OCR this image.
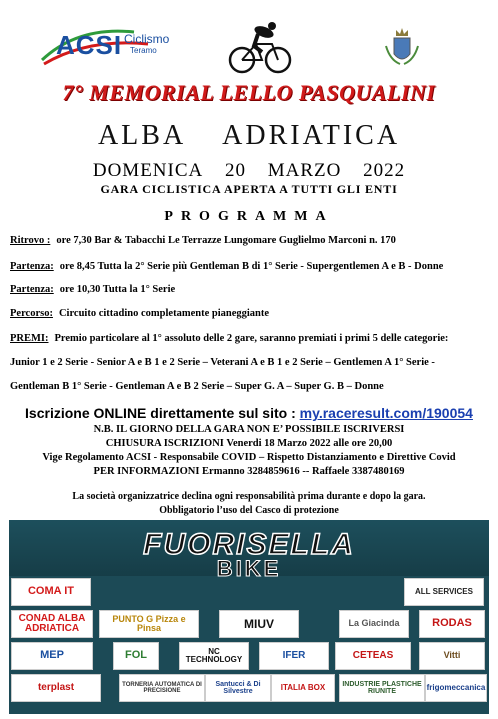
ACSI Ciclismo
Teramo
7° MEMORIAL LELLO PASQUALINI
ALBA ADRIATICA
DOMENICA 20 MARZO 2022
GARA CICLISTICA APERTA A TUTTI GLI ENTI
PROGRAMMA
Ritrovo : ore 7,30 Bar & Tabacchi Le Terrazze Lungomare Guglielmo Marconi n. 170
Partenza: ore 8,45 Tutta la 2° Serie più Gentleman B di 1° Serie - Supergentlemen A e B - Donne
Partenza: ore 10,30 Tutta la 1° Serie
Percorso: Circuito cittadino completamente pianeggiante
PREMI: Premio particolare al 1° assoluto delle 2 gare, saranno premiati i primi 5 delle categorie:
Junior 1 e 2 Serie - Senior A e B 1 e 2 Serie – Veterani A e B 1 e 2 Serie – Gentlemen A 1° Serie -
Gentleman B 1° Serie - Gentleman A e B 2 Serie – Super G. A – Super G. B – Donne
Iscrizione ONLINE direttamente sul sito : my.raceresult.com/190054
N.B. IL GIORNO DELLA GARA NON E’ POSSIBILE ISCRIVERSI
CHIUSURA ISCRIZIONI Venerdi 18 Marzo 2022 alle ore 20,00
Vige Regolamento ACSI - Responsabile COVID – Rispetto Distanziamento e Direttive Covid
PER INFORMAZIONI Ermanno 3284859616 -- Raffaele 3387480169
La società organizzatrice declina ogni responsabilità prima durante e dopo la gara.
Obbligatorio l’uso del Casco di protezione
FUORISELLA
BIKE
COMA IT	ALL SERVICES
CONAD ALBA ADRIATICA
PUNTO G Pizza e Pinsa	MIUV	La Giacinda	RODAS
MEP	FOL	NC TECHNOLOGY	IFER	CETEAS	Vitti
terplast	TORNERIA AUTOMATICA DI PRECISIONE
Santucci & Di Silvestre	ITALIA BOX	INDUSTRIE PLASTICHE RIUNITE	frigomeccanica
